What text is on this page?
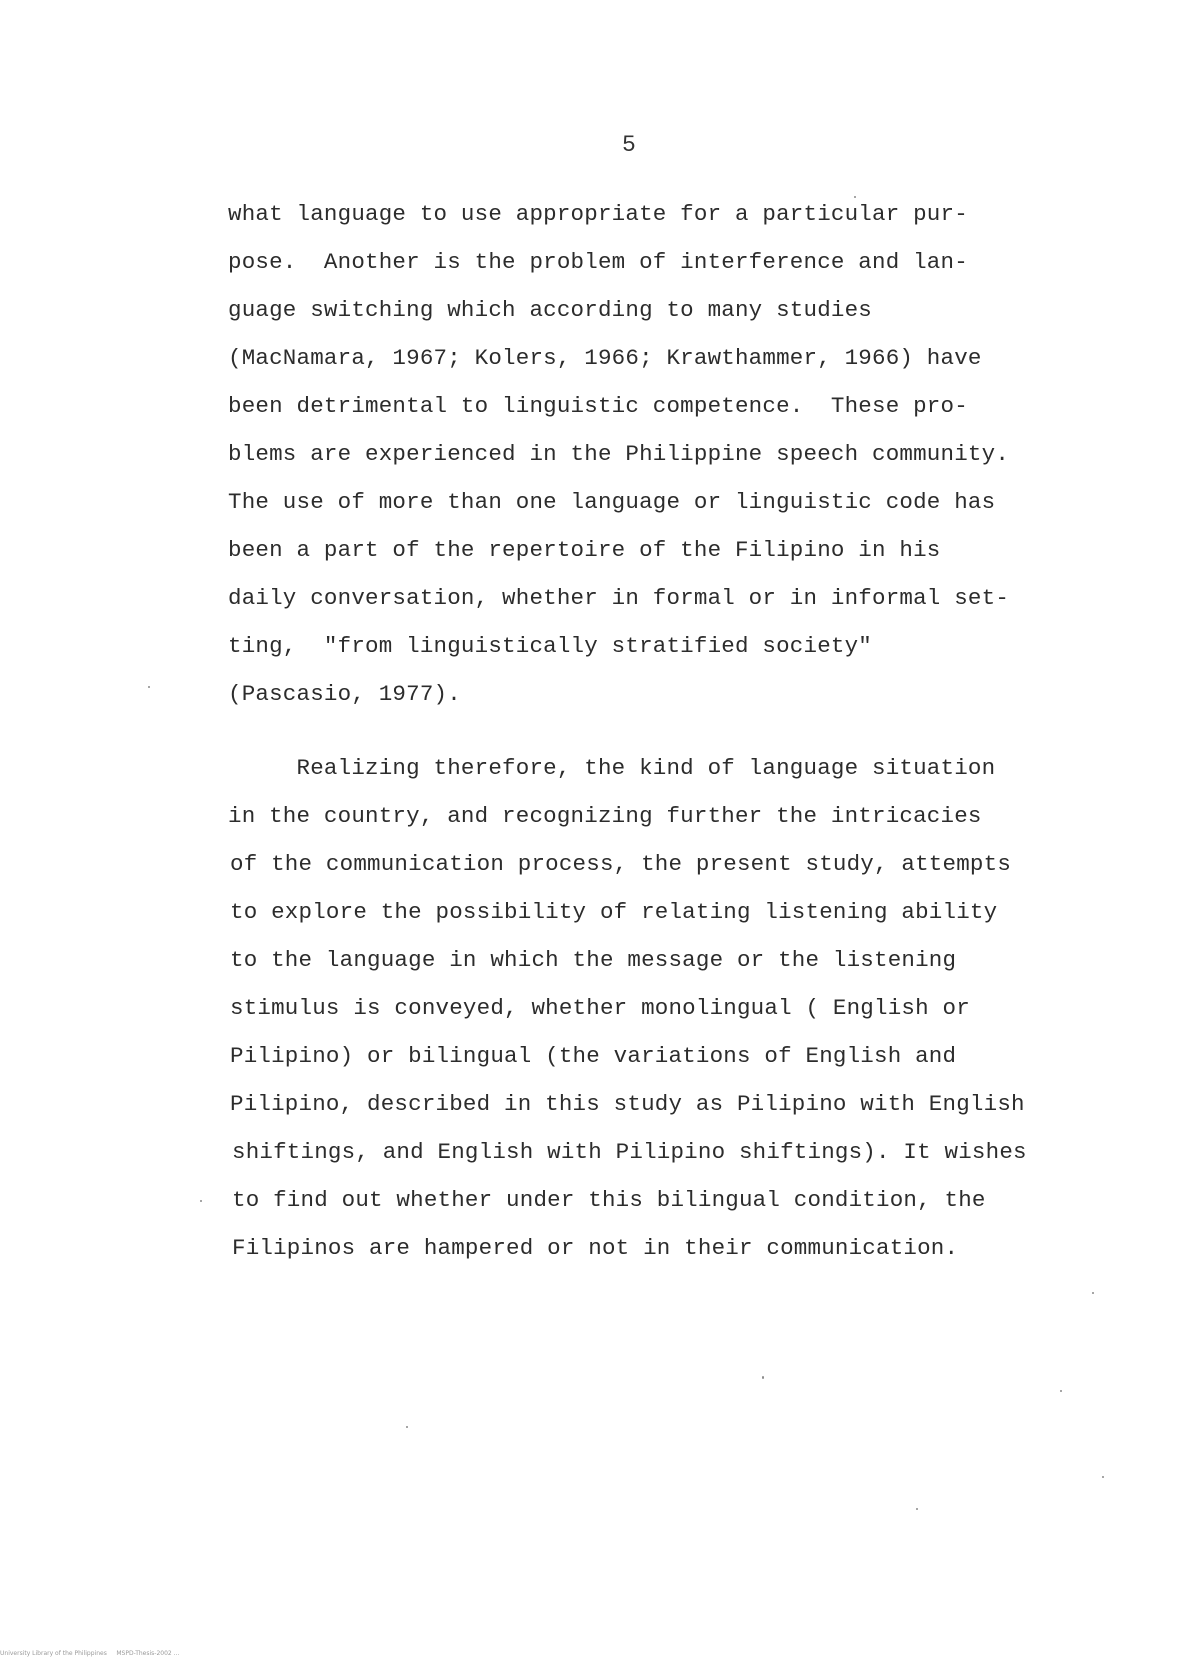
5
what language to use appropriate for a particular pur-
pose.  Another is the problem of interference and lan-
guage switching which according to many studies
(MacNamara, 1967; Kolers, 1966; Krawthammer, 1966) have
been detrimental to linguistic competence.  These pro-
blems are experienced in the Philippine speech community.
The use of more than one language or linguistic code has
been a part of the repertoire of the Filipino in his
daily conversation, whether in formal or in informal set-
ting,  "from linguistically stratified society"
(Pascasio, 1977).
Realizing therefore, the kind of language situation
in the country, and recognizing further the intricacies
of the communication process, the present study, attempts
to explore the possibility of relating listening ability
to the language in which the message or the listening
stimulus is conveyed, whether monolingual ( English or
Pilipino) or bilingual (the variations of English and
Pilipino, described in this study as Pilipino with English
shiftings, and English with Pilipino shiftings). It wishes
to find out whether under this bilingual condition, the
Filipinos are hampered or not in their communication.
University Library of the Philippines     MSPD-Thesis-2002 ...
